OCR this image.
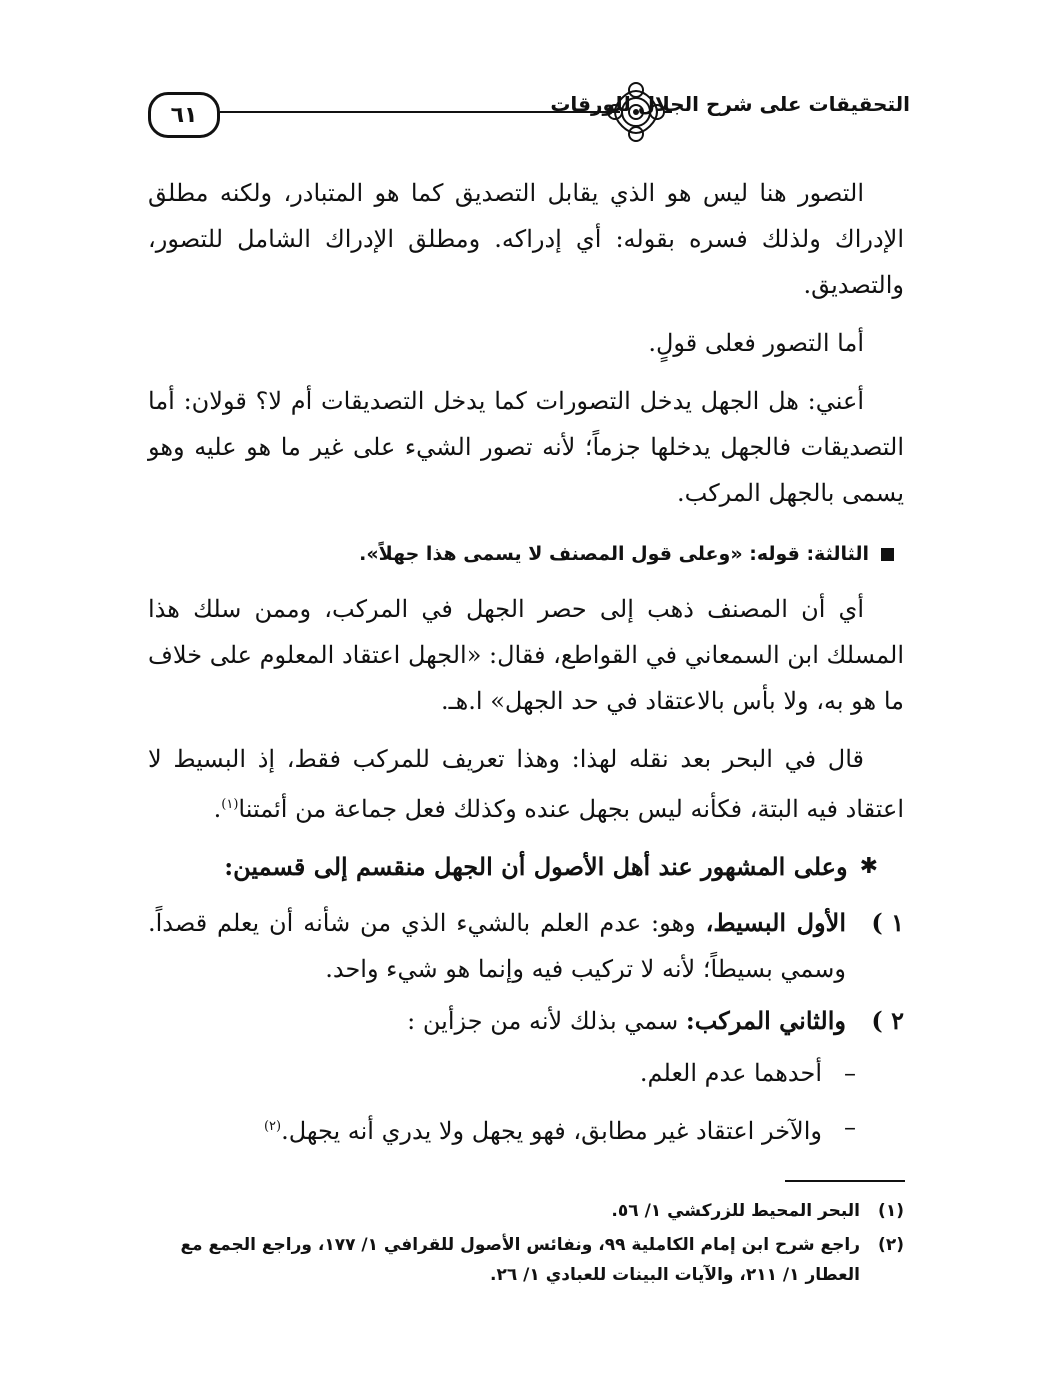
٦١	التحقيقات على شرح الجلال للورقات

التصور هنا ليس هو الذي يقابل التصديق كما هو المتبادر، ولكنه مطلق الإدراك ولذلك فسره بقوله: أي إدراكه. ومطلق الإدراك الشامل للتصور، والتصديق.

أما التصور فعلى قولٍ.

أعني: هل الجهل يدخل التصورات كما يدخل التصديقات أم لا؟ قولان: أما التصديقات فالجهل يدخلها جزماً؛ لأنه تصور الشيء على غير ما هو عليه وهو يسمى بالجهل المركب.

الثالثة: قوله: «وعلى قول المصنف لا يسمى هذا جهلاً».

أي أن المصنف ذهب إلى حصر الجهل في المركب، وممن سلك هذا المسلك ابن السمعاني في القواطع، فقال: «الجهل اعتقاد المعلوم على خلاف ما هو به، ولا بأس بالاعتقاد في حد الجهل» ا.هـ.

قال في البحر بعد نقله لهذا: وهذا تعريف للمركب فقط، إذ البسيط لا اعتقاد فيه البتة، فكأنه ليس بجهل عنده وكذلك فعل جماعة من أئمتنا$^{(١)}$.

✱
وعلى المشهور عند أهل الأصول أن الجهل منقسم إلى قسمين:
١ )
الأول البسيط، وهو: عدم العلم بالشيء الذي من شأنه أن يعلم قصداً. وسمي بسيطاً؛ لأنه لا تركيب فيه وإنما هو شيء واحد.
٢ )
والثاني المركب: سمي بذلك لأنه من جزأين :
–
أحدهما عدم العلم.
–
والآخر اعتقاد غير مطابق، فهو يجهل ولا يدري أنه يجهل.$^{(٢)}$
(١)
البحر المحيط للزركشي ١/ ٥٦.
(٢)
راجع شرح ابن إمام الكاملية ٩٩، ونفائس الأصول للقرافي ١/ ١٧٧، وراجع الجمع مع العطار ١/ ٢١١، والآيات البينات للعبادي ١/ ٢٦.
